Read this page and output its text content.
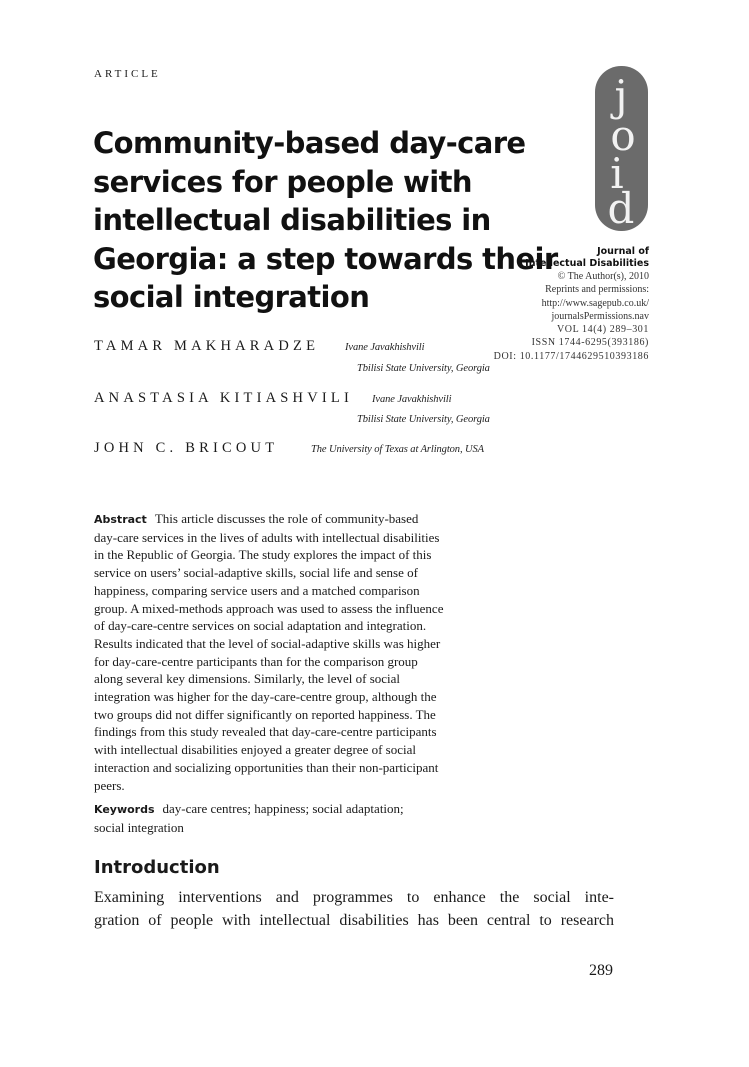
ARTICLE
Community-based day-care
services for people with
intellectual disabilities in
Georgia: a step towards their
social integration
j
o
i
d
Journal of
Intellectual Disabilities
© The Author(s), 2010
Reprints and permissions:
http://www.sagepub.co.uk/
journalsPermissions.nav
VOL 14(4) 289–301
ISSN 1744-6295(393186)
DOI: 10.1177/1744629510393186
TAMAR MAKHARADZE Ivane Javakhishvili
Tbilisi State University, Georgia
ANASTASIA KITIASHVILI Ivane Javakhishvili
Tbilisi State University, Georgia
JOHN C. BRICOUT	The University of Texas at Arlington, USA
Abstract This article discusses the role of community-based
day-care services in the lives of adults with intellectual disabilities
in the Republic of Georgia. The study explores the impact of this
service on users’ social-adaptive skills, social life and sense of
happiness, comparing service users and a matched comparison
group. A mixed-methods approach was used to assess the influence
of day-care-centre services on social adaptation and integration.
Results indicated that the level of social-adaptive skills was higher
for day-care-centre participants than for the comparison group
along several key dimensions. Similarly, the level of social
integration was higher for the day-care-centre group, although the
two groups did not differ significantly on reported happiness. The
findings from this study revealed that day-care-centre participants
with intellectual disabilities enjoyed a greater degree of social
interaction and socializing opportunities than their non-participant
peers.
Keywords day-care centres; happiness; social adaptation;
social integration
Introduction
Examining interventions and programmes to enhance the social inte-
gration of people with intellectual disabilities has been central to research
289
